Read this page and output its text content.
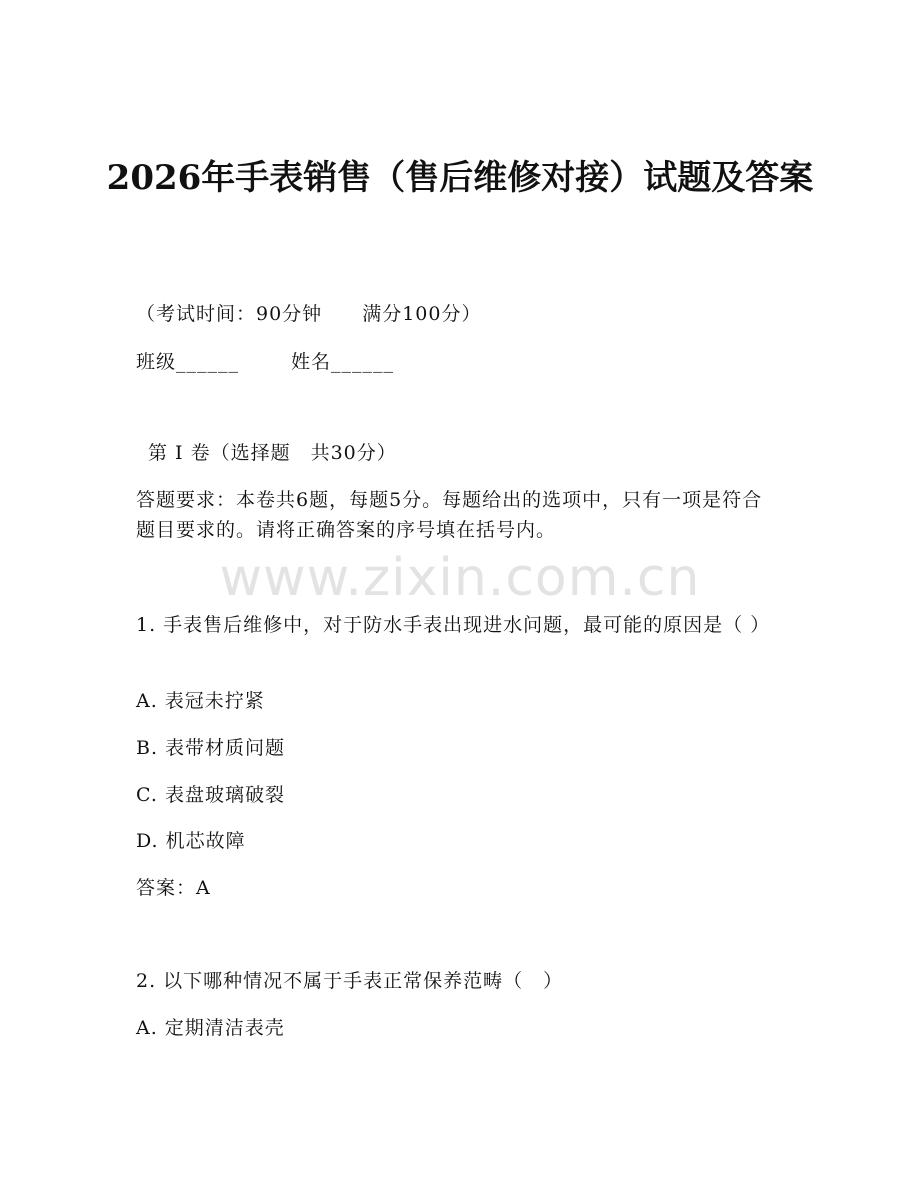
2026年手表销售（售后维修对接）试题及答案
（考试时间：90分钟 满分100分）
班级______	姓名______
第 I 卷（选择题　共30分）
答题要求：本卷共6题，每题5分。每题给出的选项中，只有一项是符合题目要求的。请将正确答案的序号填在括号内。
www.zixin.com.cn
1. 手表售后维修中，对于防水手表出现进水问题，最可能的原因是（ ）
A. 表冠未拧紧
B. 表带材质问题
C. 表盘玻璃破裂
D. 机芯故障
答案：A
2. 以下哪种情况不属于手表正常保养范畴（　）
A. 定期清洁表壳
